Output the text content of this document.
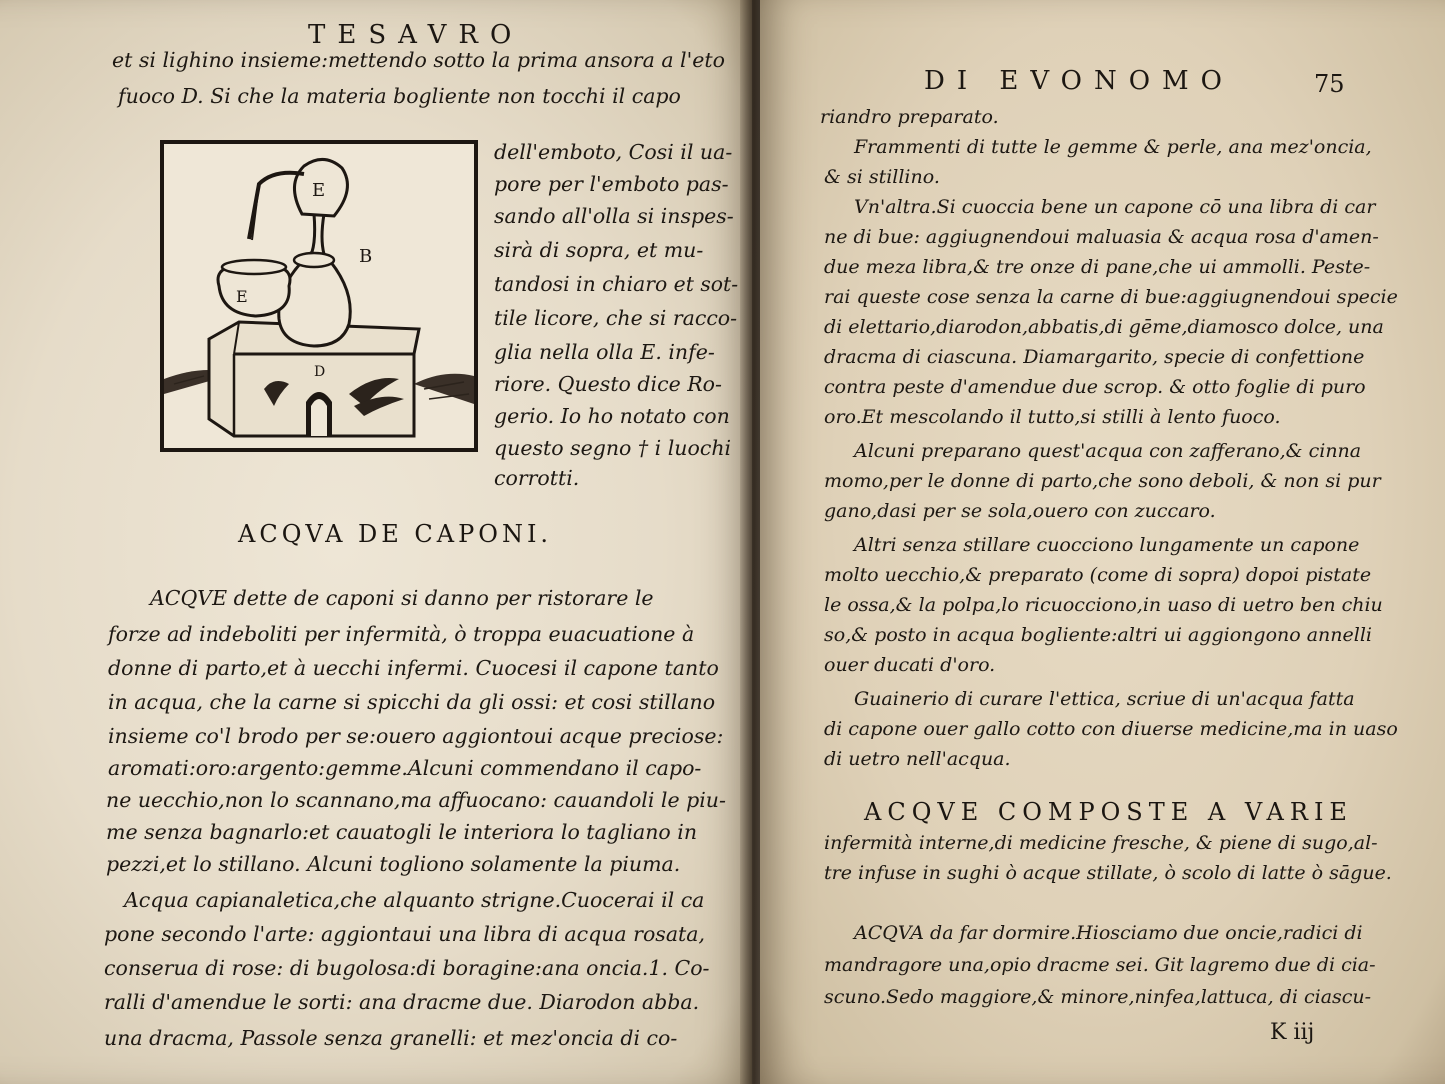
TESAVRO
et si lighino insieme:mettendo sotto la prima ansora a l'eto
fuoco D. Si che la materia bogliente non tocchi il capo
E
B
E
D
dell'emboto, Cosi il ua-
pore per l'emboto pas-
sando all'olla si inspes-
sirà di sopra, et mu-
tandosi in chiaro et sot-
tile licore, che si racco-
glia nella olla E. infe-
riore. Questo dice Ro-
gerio. Io ho notato con
questo segno † i luochi
corrotti.
ACQVA DE CAPONI.
ACQVE dette de caponi si danno per ristorare le
forze ad indeboliti per infermità, ò troppa euacuatione à
donne di parto,et à uecchi infermi. Cuocesi il capone tanto
in acqua, che la carne si spicchi da gli ossi: et cosi stillano
insieme co'l brodo per se:ouero aggiontoui acque preciose:
aromati:oro:argento:gemme.Alcuni commendano il capo-
ne uecchio,non lo scannano,ma affuocano: cauandoli le piu-
me senza bagnarlo:et cauatogli le interiora lo tagliano in
pezzi,et lo stillano. Alcuni togliono solamente la piuma.
Acqua capianaletica,che alquanto strigne.Cuocerai il ca
pone secondo l'arte: aggiontaui una libra di acqua rosata,
conserua di rose: di bugolosa:di boragine:ana oncia.1. Co-
ralli d'amendue le sorti: ana dracme due. Diarodon abba.
una dracma, Passole senza granelli: et mez'oncia di co-
DI EVONOMO	75
riandro preparato.
Frammenti di tutte le gemme & perle, ana mez'oncia,
& si stillino.
Vn'altra.Si cuoccia bene un capone cō una libra di car
ne di bue: aggiugnendoui maluasia & acqua rosa d'amen-
due meza libra,& tre onze di pane,che ui ammolli. Peste-
rai queste cose senza la carne di bue:aggiugnendoui specie
di elettario,diarodon,abbatis,di gēme,diamosco dolce, una
dracma di ciascuna. Diamargarito, specie di confettione
contra peste d'amendue due scrop. & otto foglie di puro
oro.Et mescolando il tutto,si stilli à lento fuoco.
Alcuni preparano quest'acqua con zafferano,& cinna
momo,per le donne di parto,che sono deboli, & non si pur
gano,dasi per se sola,ouero con zuccaro.
Altri senza stillare cuocciono lungamente un capone
molto uecchio,& preparato (come di sopra) dopoi pistate
le ossa,& la polpa,lo ricuocciono,in uaso di uetro ben chiu
so,& posto in acqua bogliente:altri ui aggiongono annelli
ouer ducati d'oro.
Guainerio di curare l'ettica, scriue di un'acqua fatta
di capone ouer gallo cotto con diuerse medicine,ma in uaso
di uetro nell'acqua.
ACQVE COMPOSTE A VARIE
infermità interne,di medicine fresche, & piene di sugo,al-
tre infuse in sughi ò acque stillate, ò scolo di latte ò sāgue.
ACQVA da far dormire.Hiosciamo due oncie,radici di
mandragore una,opio dracme sei. Git lagremo due di cia-
scuno.Sedo maggiore,& minore,ninfea,lattuca, di ciascu-
K iij
